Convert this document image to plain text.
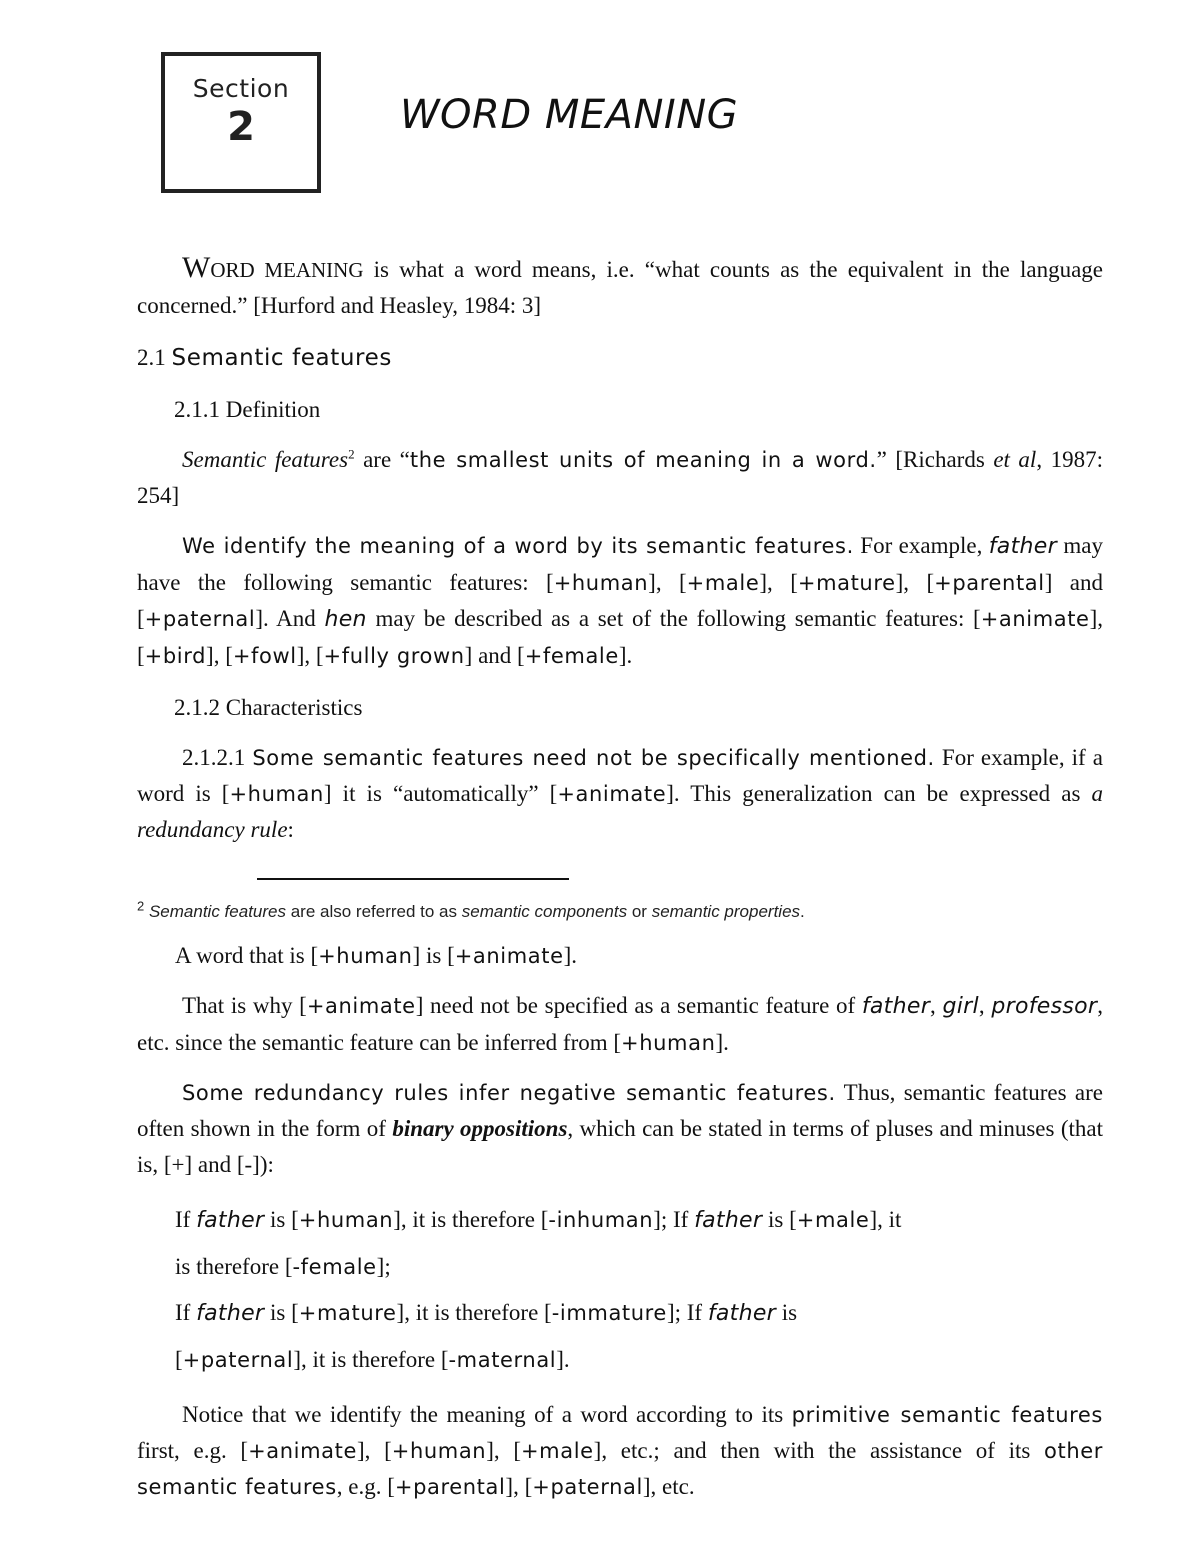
Section
2	WORD MEANING

WORD MEANING is what a word means, i.e. “what counts as the equivalent in the language concerned.” [Hurford and Heasley, 1984: 3]

2.1 Semantic features

2.1.1 Definition

Semantic features$^2$ are “the smallest units of meaning in a word.” [Richards et al, 1987: 254]

We identify the meaning of a word by its semantic features. For example, father may have the following semantic features: [+human], [+male], [+mature], [+parental] and [+paternal]. And hen may be described as a set of the following semantic features: [+animate], [+bird], [+fowl], [+fully grown] and [+female].

2.1.2 Characteristics

2.1.2.1 Some semantic features need not be specifically mentioned. For example, if a word is [+human] it is “automatically” [+animate]. This generalization can be expressed as a redundancy rule:

$^2$ Semantic features are also referred to as semantic components or semantic properties.

A word that is [+human] is [+animate].

That is why [+animate] need not be specified as a semantic feature of father, girl, professor, etc. since the semantic feature can be inferred from [+human].

Some redundancy rules infer negative semantic features. Thus, semantic features are often shown in the form of binary oppositions, which can be stated in terms of pluses and minuses (that is, [+] and [-]):

If father is [+human], it is therefore [-inhuman]; If father is [+male], it

is therefore [-female];

If father is [+mature], it is therefore [-immature]; If father is

[+paternal], it is therefore [-maternal].

Notice that we identify the meaning of a word according to its primitive semantic features first, e.g. [+animate], [+human], [+male], etc.; and then with the assistance of its other semantic features, e.g. [+parental], [+paternal], etc.
